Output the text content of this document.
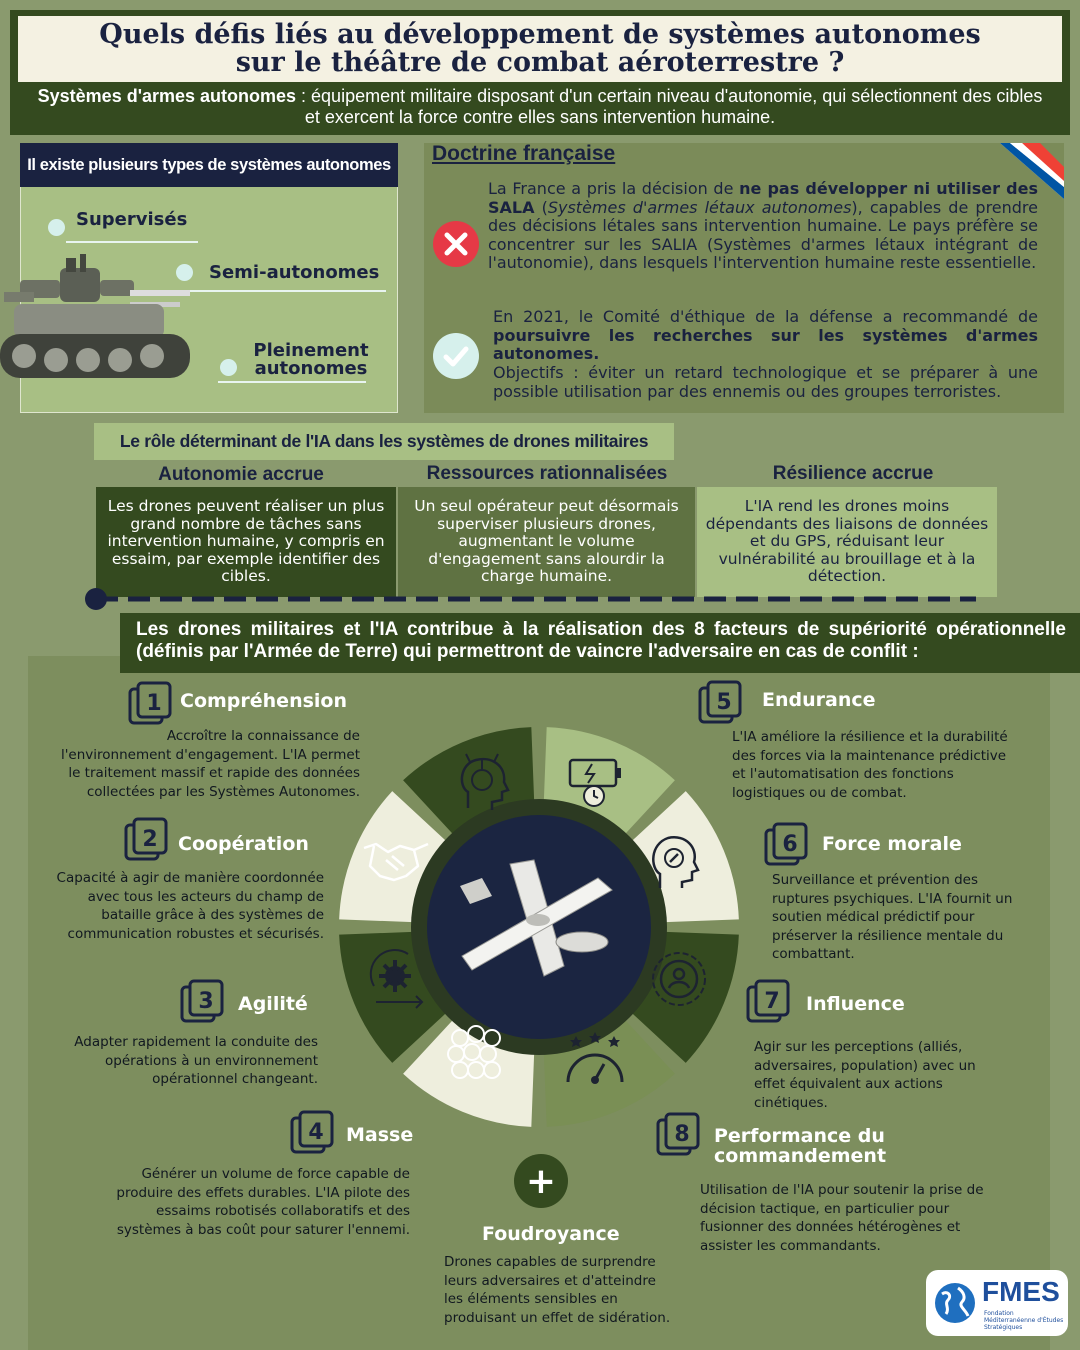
Quels défis liés au développement de systèmes autonomes sur le théâtre de combat aéroterrestre ?
Systèmes d'armes autonomes : équipement militaire disposant d'un certain niveau d'autonomie, qui sélectionnent des cibles et exercent la force contre elles sans intervention humaine.
Il existe plusieurs types de systèmes autonomes
Supervisés
Semi-autonomes
Pleinement autonomes
Doctrine française
La France a pris la décision de ne pas développer ni utiliser des SALA (Systèmes d'armes létaux autonomes), capables de prendre des décisions létales sans intervention humaine. Le pays préfère se concentrer sur les SALIA (Systèmes d'armes létaux intégrant de l'autonomie), dans lesquels l'intervention humaine reste essentielle.
En 2021, le Comité d'éthique de la défense a recommandé de poursuivre les recherches sur les systèmes d'armes autonomes.
Objectifs : éviter un retard technologique et se préparer à une possible utilisation par des ennemis ou des groupes terroristes.
Le rôle déterminant de l'IA dans les systèmes de drones militaires
Autonomie accrue	Ressources rationnalisées	Résilience accrue
Les drones peuvent réaliser un plus grand nombre de tâches sans intervention humaine, y compris en essaim, par exemple identifier des cibles.
Un seul opérateur peut désormais superviser plusieurs drones, augmentant le volume d'engagement sans alourdir la charge humaine.
L'IA rend les drones moins dépendants des liaisons de données et du GPS, réduisant leur vulnérabilité au brouillage et à la détection.
Les drones militaires et l'IA contribue à la réalisation des 8 facteurs de supériorité opérationnelle (définis par l'Armée de Terre) qui permettront de vaincre l'adversaire en cas de conflit :
1 Compréhension
Accroître la connaissance de l'environnement d'engagement. L'IA permet le traitement massif et rapide des données collectées par les Systèmes Autonomes.
2 Coopération
Capacité à agir de manière coordonnée avec tous les acteurs du champ de bataille grâce à des systèmes de communication robustes et sécurisés.
3 Agilité
Adapter rapidement la conduite des opérations à un environnement opérationnel changeant.
4 Masse
Générer un volume de force capable de produire des effets durables. L'IA pilote des essaims robotisés collaboratifs et des systèmes à bas coût pour saturer l'ennemi.
5 Endurance
L'IA améliore la résilience et la durabilité des forces via la maintenance prédictive et l'automatisation des fonctions logistiques ou de combat.
6 Force morale
Surveillance et prévention des ruptures psychiques. L'IA fournit un soutien médical prédictif pour préserver la résilience mentale du combattant.
7 Influence
Agir sur les perceptions (alliés, adversaires, population) avec un effet équivalent aux actions cinétiques.
8 Performance du commandement
Utilisation de l'IA pour soutenir la prise de décision tactique, en particulier pour fusionner des données hétérogènes et assister les commandants.
+
Foudroyance
Drones capables de surprendre leurs adversaires et d'atteindre les éléments sensibles en produisant un effet de sidération.
FMES
Fondation Méditerranéenne d'Études Stratégiques
